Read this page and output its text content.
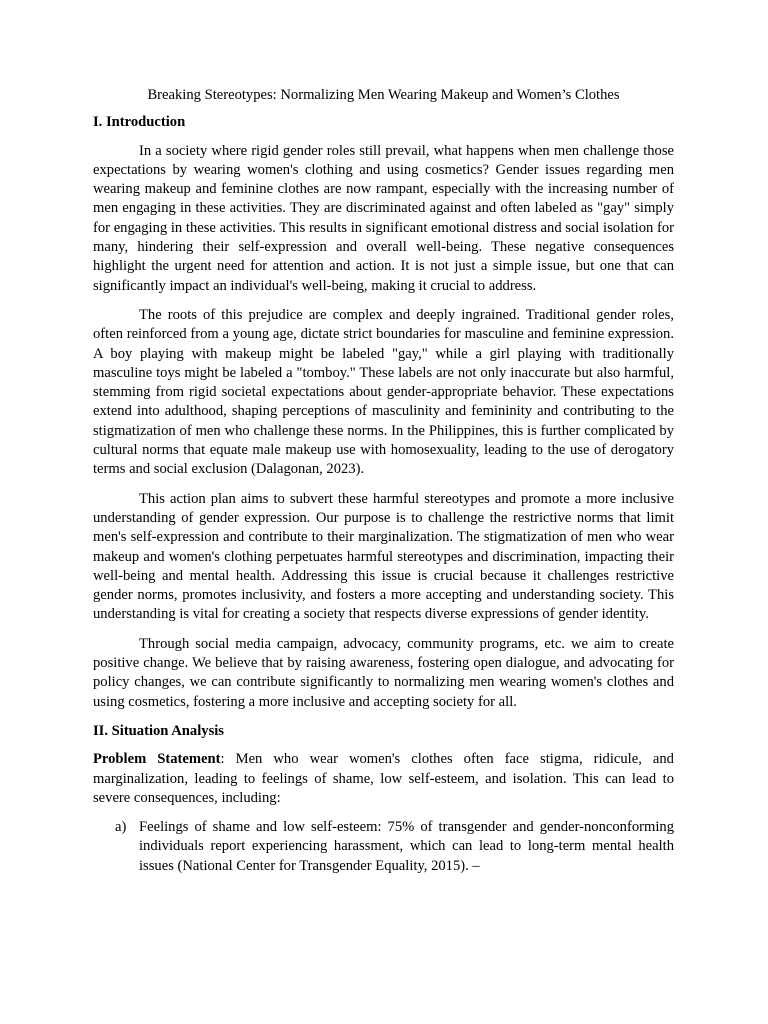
Breaking Stereotypes: Normalizing Men Wearing Makeup and Women’s Clothes
I. Introduction

In a society where rigid gender roles still prevail, what happens when men challenge those expectations by wearing women's clothing and using cosmetics? Gender issues regarding men wearing makeup and feminine clothes are now rampant, especially with the increasing number of men engaging in these activities. They are discriminated against and often labeled as "gay" simply for engaging in these activities. This results in significant emotional distress and social isolation for many, hindering their self-expression and overall well-being. These negative consequences highlight the urgent need for attention and action. It is not just a simple issue, but one that can significantly impact an individual's well-being, making it crucial to address.

The roots of this prejudice are complex and deeply ingrained. Traditional gender roles, often reinforced from a young age, dictate strict boundaries for masculine and feminine expression. A boy playing with makeup might be labeled "gay," while a girl playing with traditionally masculine toys might be labeled a "tomboy." These labels are not only inaccurate but also harmful, stemming from rigid societal expectations about gender-appropriate behavior. These expectations extend into adulthood, shaping perceptions of masculinity and femininity and contributing to the stigmatization of men who challenge these norms. In the Philippines, this is further complicated by cultural norms that equate male makeup use with homosexuality, leading to the use of derogatory terms and social exclusion (Dalagonan, 2023).

This action plan aims to subvert these harmful stereotypes and promote a more inclusive understanding of gender expression. Our purpose is to challenge the restrictive norms that limit men's self-expression and contribute to their marginalization. The stigmatization of men who wear makeup and women's clothing perpetuates harmful stereotypes and discrimination, impacting their well-being and mental health. Addressing this issue is crucial because it challenges restrictive gender norms, promotes inclusivity, and fosters a more accepting and understanding society. This understanding is vital for creating a society that respects diverse expressions of gender identity.

Through social media campaign, advocacy, community programs, etc. we aim to create positive change. We believe that by raising awareness, fostering open dialogue, and advocating for policy changes, we can contribute significantly to normalizing men wearing women's clothes and using cosmetics, fostering a more inclusive and accepting society for all.

II. Situation Analysis

Problem Statement: Men who wear women's clothes often face stigma, ridicule, and marginalization, leading to feelings of shame, low self-esteem, and isolation. This can lead to severe consequences, including:

a) Feelings of shame and low self-esteem: 75% of transgender and gender-nonconforming individuals report experiencing harassment, which can lead to long-term mental health issues (National Center for Transgender Equality, 2015). –
